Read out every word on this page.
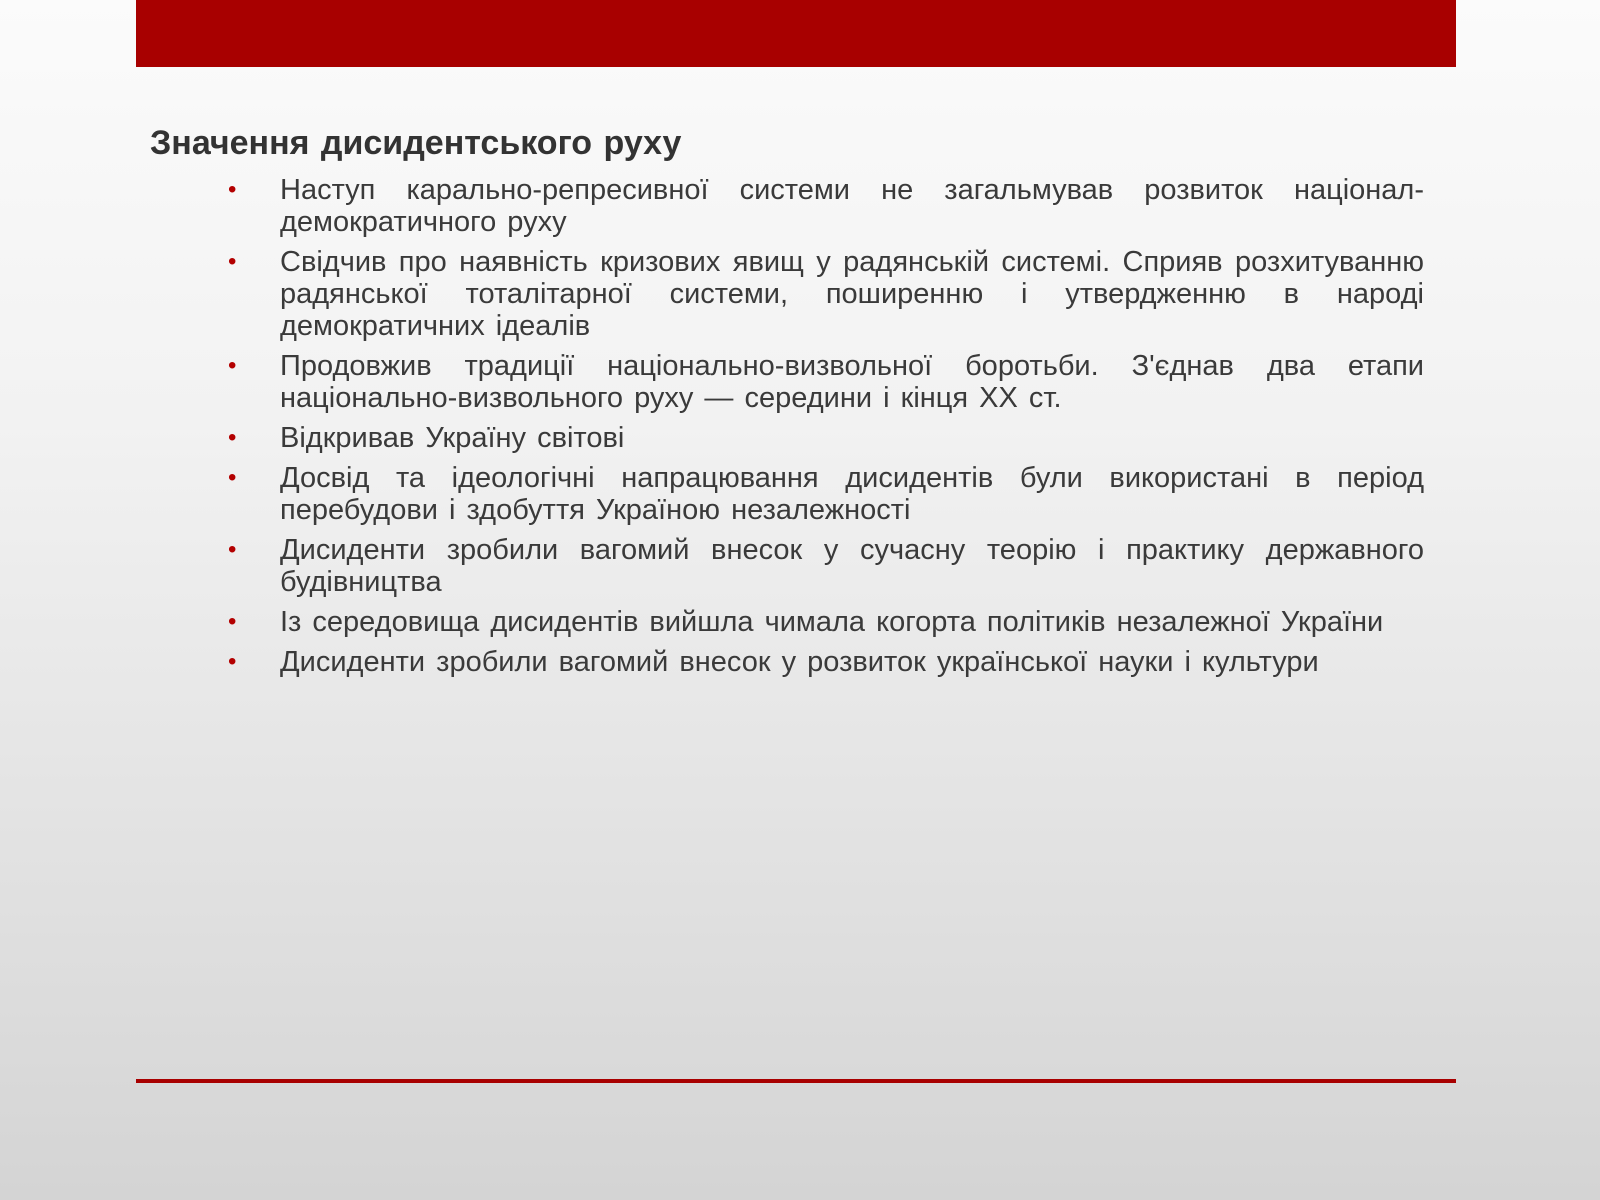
Значення дисидентського руху
• Наступ карально-репресивної системи не загальмував розвиток націонал-демократичного руху
• Свідчив про наявність кризових явищ у радянській системі. Сприяв розхитуванню радянської тоталітарної системи, поширенню і утвердженню в народі демократичних ідеалів
• Продовжив традиції національно-визвольної боротьби. З'єднав два етапи національно-визвольного руху — середини і кінця XX ст.
• Відкривав Україну світові
• Досвід та ідеологічні напрацювання дисидентів були використані в період перебудови і здобуття Україною незалежності
• Дисиденти зробили вагомий внесок у сучасну теорію і практику державного будівництва
• Із середовища дисидентів вийшла чимала когорта політиків незалежної України
• Дисиденти зробили вагомий внесок у розвиток української науки і культури
